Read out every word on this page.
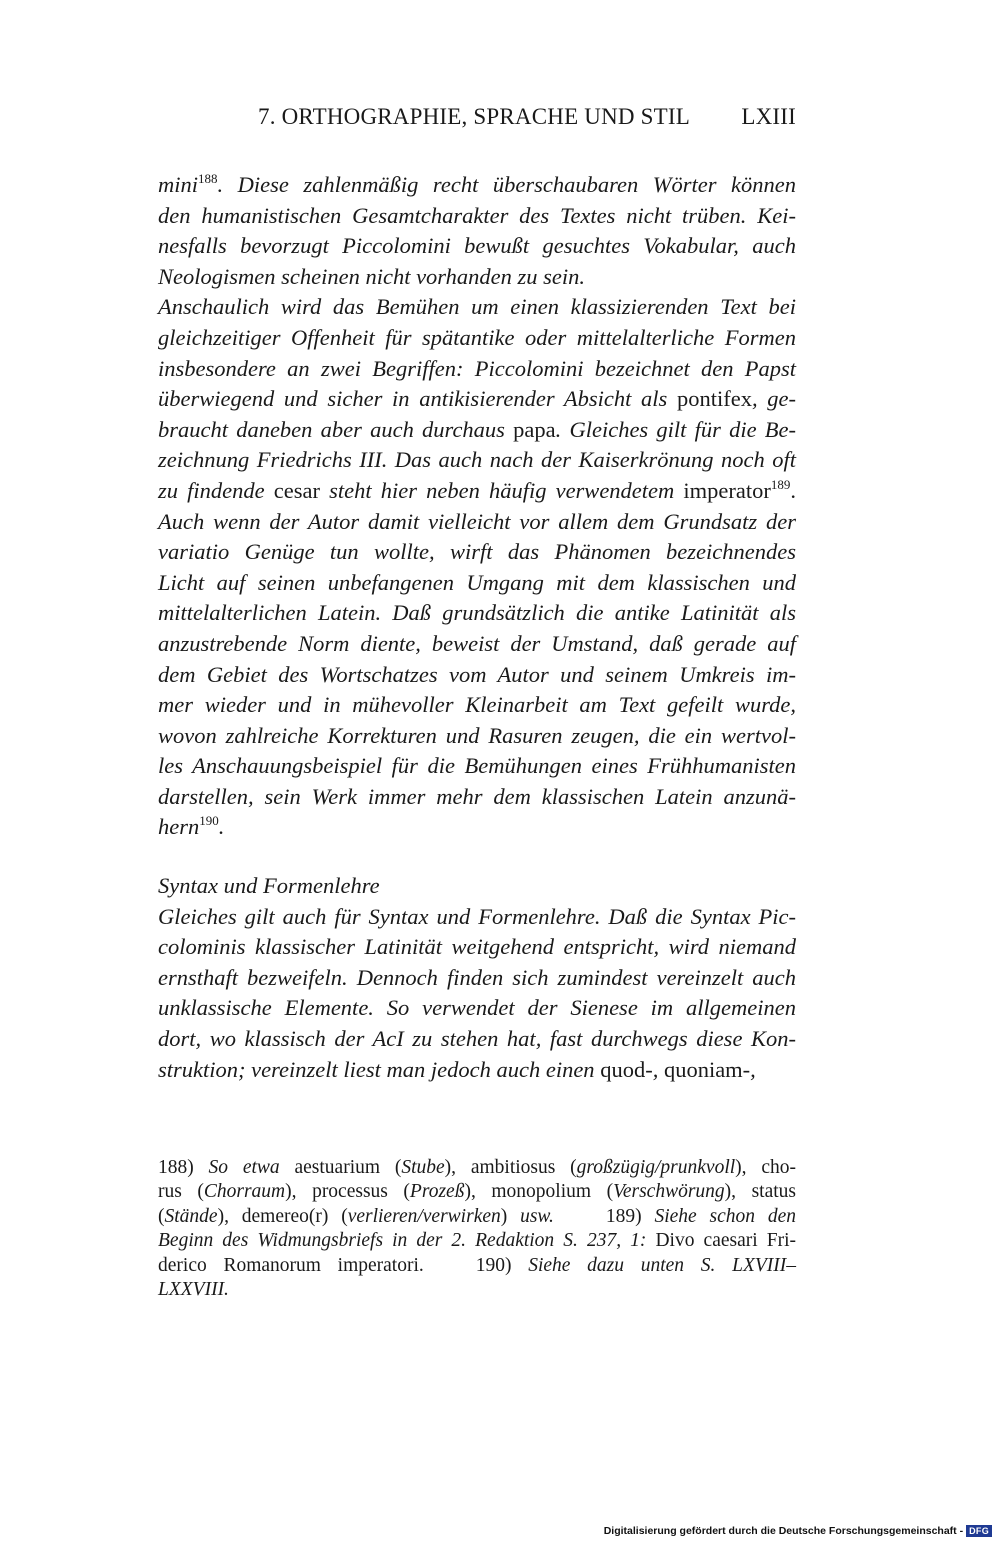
7. ORTHOGRAPHIE, SPRACHE UND STIL LXIII
mini$^{188}$. Diese zahlenmäßig recht überschaubaren Wörter können
den humanistischen Gesamtcharakter des Textes nicht trüben. Kei-
nesfalls bevorzugt Piccolomini bewußt gesuchtes Vokabular, auch
Neologismen scheinen nicht vorhanden zu sein.
Anschaulich wird das Bemühen um einen klassizierenden Text bei
gleichzeitiger Offenheit für spätantike oder mittelalterliche Formen
insbesondere an zwei Begriffen: Piccolomini bezeichnet den Papst
überwiegend und sicher in antikisierender Absicht als pontifex, ge-
braucht daneben aber auch durchaus papa. Gleiches gilt für die Be-
zeichnung Friedrichs III. Das auch nach der Kaiserkrönung noch oft
zu findende cesar steht hier neben häufig verwendetem imperator$^{189}$.
Auch wenn der Autor damit vielleicht vor allem dem Grundsatz der
variatio Genüge tun wollte, wirft das Phänomen bezeichnendes
Licht auf seinen unbefangenen Umgang mit dem klassischen und
mittelalterlichen Latein. Daß grundsätzlich die antike Latinität als
anzustrebende Norm diente, beweist der Umstand, daß gerade auf
dem Gebiet des Wortschatzes vom Autor und seinem Umkreis im-
mer wieder und in mühevoller Kleinarbeit am Text gefeilt wurde,
wovon zahlreiche Korrekturen und Rasuren zeugen, die ein wertvol-
les Anschauungsbeispiel für die Bemühungen eines Frühhumanisten
darstellen, sein Werk immer mehr dem klassischen Latein anzunä-
hern$^{190}$.
Syntax und Formenlehre
Gleiches gilt auch für Syntax und Formenlehre. Daß die Syntax Pic-
colominis klassischer Latinität weitgehend entspricht, wird niemand
ernsthaft bezweifeln. Dennoch finden sich zumindest vereinzelt auch
unklassische Elemente. So verwendet der Sienese im allgemeinen
dort, wo klassisch der AcI zu stehen hat, fast durchwegs diese Kon-
struktion; vereinzelt liest man jedoch auch einen quod-, quoniam-,
188) So etwa aestuarium (Stube), ambitiosus (großzügig/prunkvoll), cho-
rus (Chorraum), processus (Prozeß), monopolium (Verschwörung), status
(Stände), demereo(r) (verlieren/verwirken) usw.	189) Siehe schon den
Beginn des Widmungsbriefs in der 2. Redaktion S. 237, 1: Divo caesari Fri-
derico Romanorum imperatori.	190) Siehe dazu unten S. LXVIII–
LXXVIII.
Digitalisierung gefördert durch die Deutsche Forschungsgemeinschaft - DFG
